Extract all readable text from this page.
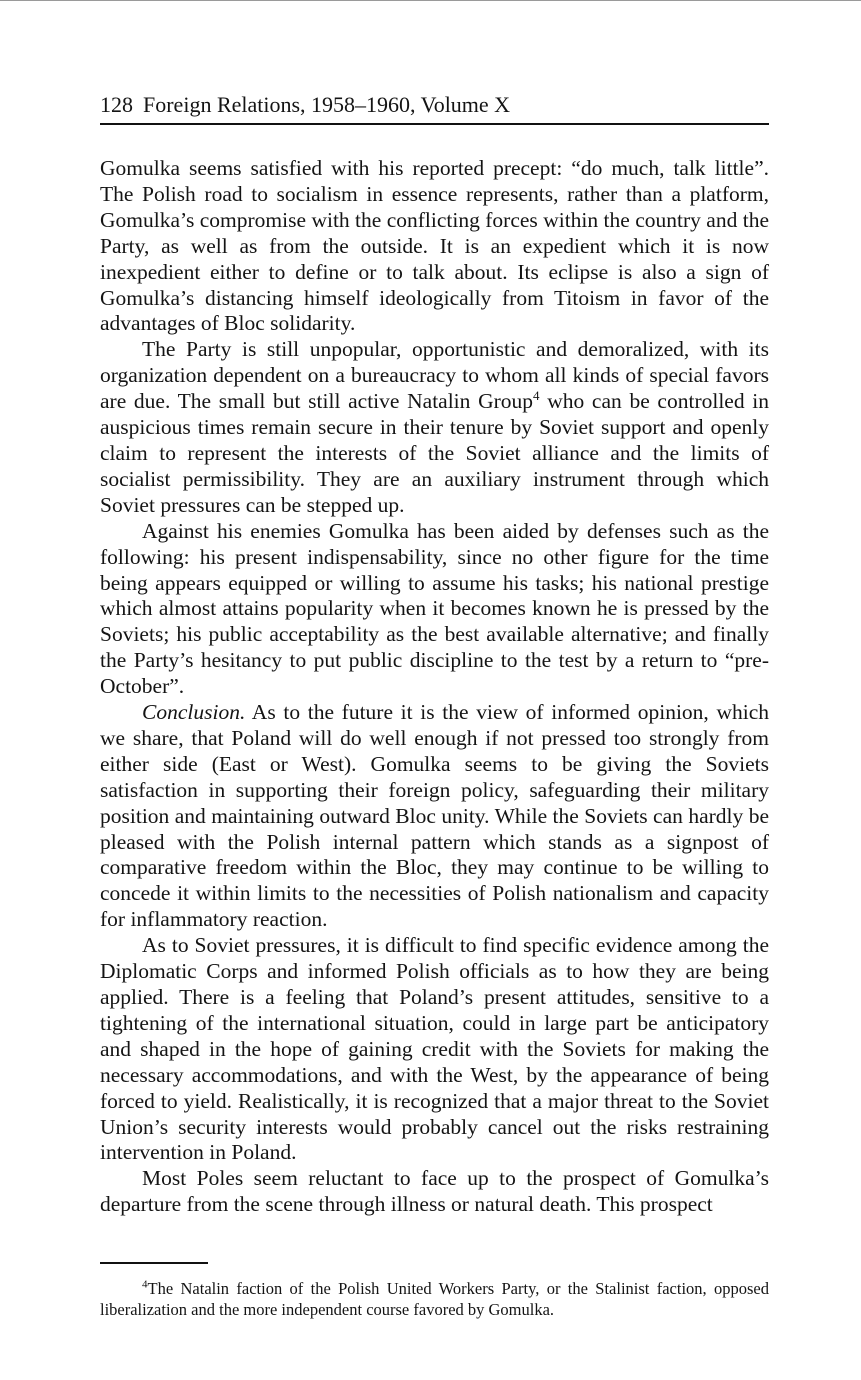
128 Foreign Relations, 1958–1960, Volume X

Gomulka seems satisfied with his reported precept: “do much, talk little”. The Polish road to socialism in essence represents, rather than a platform, Gomulka’s compromise with the conflicting forces within the country and the Party, as well as from the outside. It is an expedient which it is now inexpedient either to define or to talk about. Its eclipse is also a sign of Gomulka’s distancing himself ideologically from Titoism in favor of the advantages of Bloc solidarity.

The Party is still unpopular, opportunistic and demoralized, with its organization dependent on a bureaucracy to whom all kinds of special favors are due. The small but still active Natalin Group$^4$ who can be controlled in auspicious times remain secure in their tenure by Soviet support and openly claim to represent the interests of the Soviet alliance and the limits of socialist permissibility. They are an auxiliary instrument through which Soviet pressures can be stepped up.

Against his enemies Gomulka has been aided by defenses such as the following: his present indispensability, since no other figure for the time being appears equipped or willing to assume his tasks; his national prestige which almost attains popularity when it becomes known he is pressed by the Soviets; his public acceptability as the best available alternative; and finally the Party’s hesitancy to put public discipline to the test by a return to “pre-October”.

Conclusion. As to the future it is the view of informed opinion, which we share, that Poland will do well enough if not pressed too strongly from either side (East or West). Gomulka seems to be giving the Soviets satisfaction in supporting their foreign policy, safeguarding their military position and maintaining outward Bloc unity. While the Soviets can hardly be pleased with the Polish internal pattern which stands as a signpost of comparative freedom within the Bloc, they may continue to be willing to concede it within limits to the necessities of Polish nationalism and capacity for inflammatory reaction.

As to Soviet pressures, it is difficult to find specific evidence among the Diplomatic Corps and informed Polish officials as to how they are being applied. There is a feeling that Poland’s present attitudes, sensitive to a tightening of the international situation, could in large part be anticipatory and shaped in the hope of gaining credit with the Soviets for making the necessary accommodations, and with the West, by the appearance of being forced to yield. Realistically, it is recognized that a major threat to the Soviet Union’s security interests would probably cancel out the risks restraining intervention in Poland.

Most Poles seem reluctant to face up to the prospect of Gomulka’s departure from the scene through illness or natural death. This prospect

$^4$The Natalin faction of the Polish United Workers Party, or the Stalinist faction, opposed liberalization and the more independent course favored by Gomulka.
